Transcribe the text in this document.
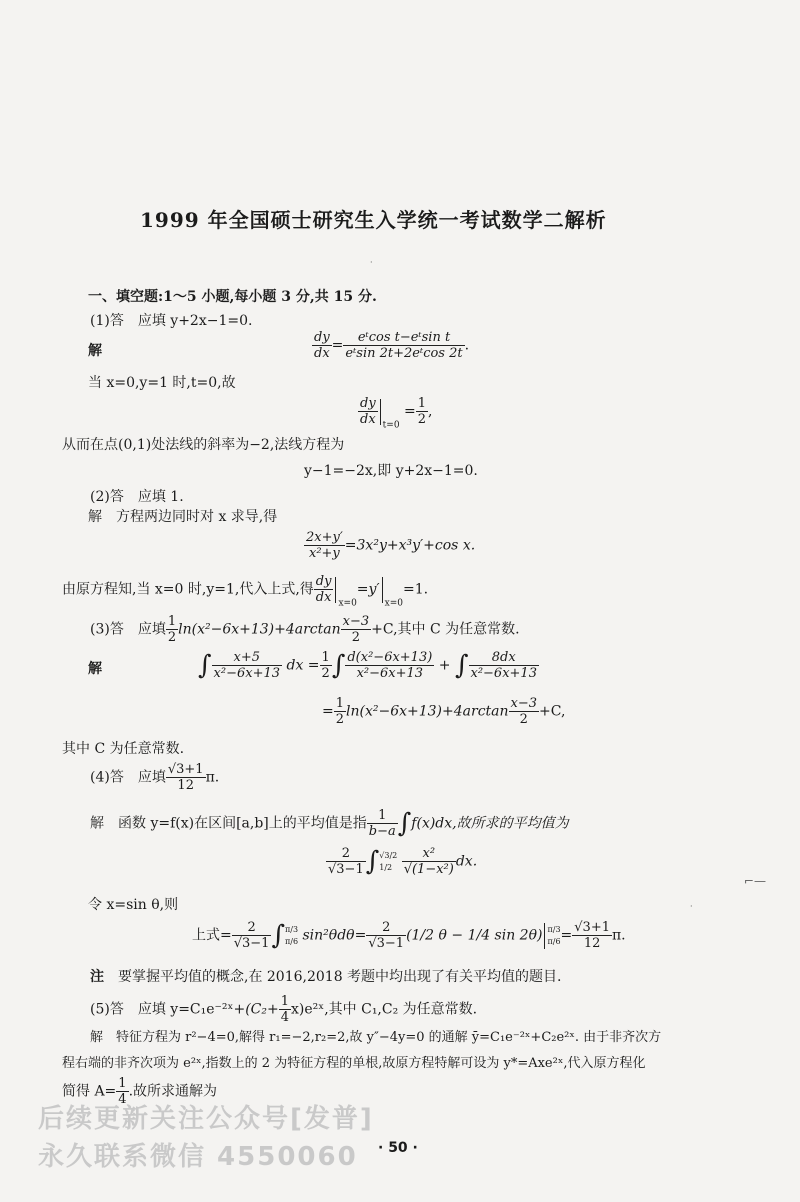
1999 年全国硕士研究生入学统一考试数学二解析
·
一、填空题:1～5 小题,每小题 3 分,共 15 分.
(1)答　应填 y+2x−1=0.
解	$\frac{dy}{dx} = \frac{\text{eᵗcos t−eᵗsin t}}{\text{eᵗsin 2t+2eᵗcos 2t}}$ .
当 x=0,y=1 时,t=0,故
$\frac{dy}{dx} _{t=0} = \frac{1}{2}$ ,
从而在点(0,1)处法线的斜率为−2,法线方程为
y−1=−2x,即 y+2x−1=0.
(2)答　应填 1.
解　方程两边同时对 x 求导,得
$\frac{2x+y'}{\text{x²+y}} =3x^2y+x^3y'+\cos$ x.
由原方程知,当 x=0 时,y=1,代入上式,得 $\frac{dy}{dx} _{x=0}=y'_{x=0}=1$.
(3)答　应填 $\frac{1}{2} \ln(x^2-6x+13)+4\arctan \frac{x-3}{2} +C$,其中 C 为任意常数.
解	∫ $\frac{x+5}{\text{x²−6x+13}}$ dx = $\frac{1}{2}$ ∫ $\frac{\text{d(x²−6x+13)}}{\text{x²−6x+13}}$ + ∫ $\frac{8dx}{\text{x²−6x+13}}$
= $\frac{1}{2} \ln(x^2-6x+13)+4\arctan \frac{x-3}{2} +C$,
其中 C 为任意常数.
(4)答　应填 $\frac{√3+1}{12} \pi$.
解　函数 y=f(x)在区间[a,b]上的平均值是指 $\frac{1}{b-a} \int f(x)dx$,故所求的平均值为
$\frac{2}{√3-1} \int√3/2$
$1/2 \frac{\text{x²}}{\text{√(1−x²)}}$ dx.
⌐—
令 x=sin θ,则	·
上式= $\frac{2}{√3-1} \int\pi/3$
π/6 $\sin^2\theta d\theta= \frac{2}{√3-1} (1/2$ θ − 1/4 sin 2θ) π/3
$\pi/6= \frac{√3+1}{12} \pi$.
注　 要掌握平均值的概念,在 2016,2018 考题中均出现了有关平均值的题目.
(5)答　应填 y=C₁e⁻²ˣ+(C₂+ $\frac{1}{4}$ x)e²ˣ,其中 C₁,C₂ 为任意常数.
解　特征方程为 r²−4=0,解得 r₁=−2,r₂=2,故 y″−4y=0 的通解 ȳ=C₁e⁻²ˣ+C₂e²ˣ. 由于非齐次方
程右端的非齐次项为 e²ˣ,指数上的 2 为特征方程的单根,故原方程特解可设为 y*=Axe²ˣ,代入原方程化
简得 $A= \frac{1}{4}$ .故所求通解为
后续更新关注公众号[发普]
永久联系微信 4550060 · 50 ·
